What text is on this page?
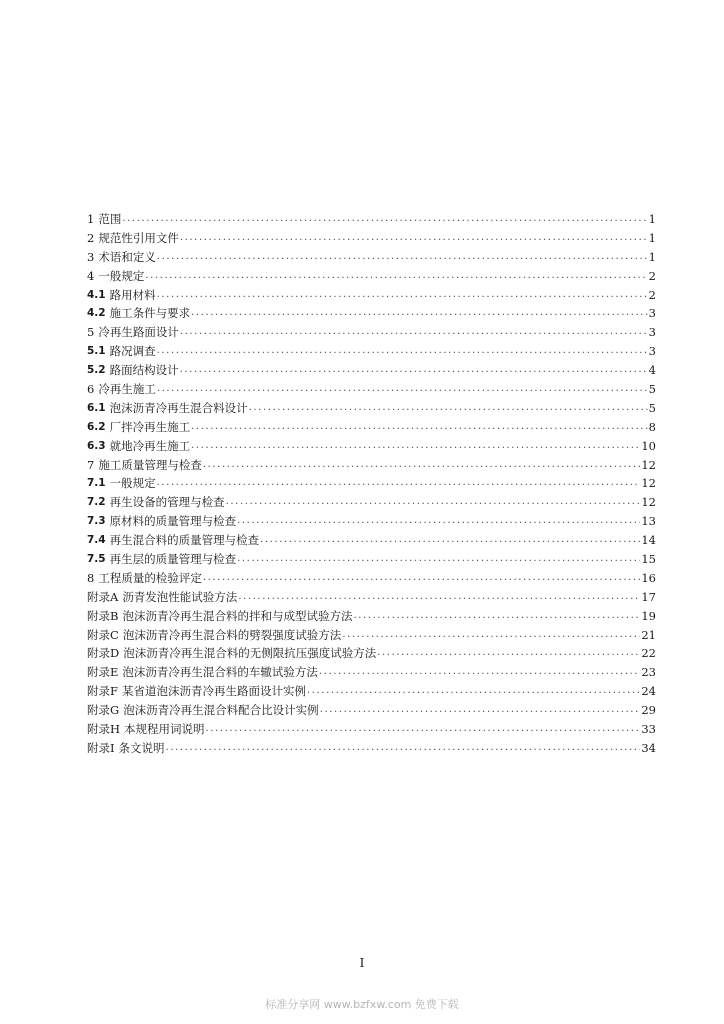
1 范围 .....	1
2 规范性引用文件 .....	1
3 术语和定义 .....	1
4 一般规定 .....	2
4.1 路用材料 .....	2
4.2 施工条件与要求 .....	3
5 冷再生路面设计 .....	3
5.1 路况调查 .....	3
5.2 路面结构设计 .....	4
6 冷再生施工 .....	5
6.1 泡沫沥青冷再生混合料设计 .....	5
6.2 厂拌冷再生施工 .....	8
6.3 就地冷再生施工 .....	10
7 施工质量管理与检查 .....	12
7.1 一般规定 .....	12
7.2 再生设备的管理与检查 .....	12
7.3 原材料的质量管理与检查 .....	13
7.4 再生混合料的质量管理与检查 .....	14
7.5 再生层的质量管理与检查 .....	15
8 工程质量的检验评定 .....	16
附录A 沥青发泡性能试验方法 .....	17
附录B 泡沫沥青冷再生混合料的拌和与成型试验方法 .....	19
附录C 泡沫沥青冷再生混合料的劈裂强度试验方法 .....	21
附录D 泡沫沥青冷再生混合料的无侧限抗压强度试验方法 .....	22
附录E 泡沫沥青冷再生混合料的车辙试验方法 .....	23
附录F 某省道泡沫沥青冷再生路面设计实例 .....	24
附录G 泡沫沥青冷再生混合料配合比设计实例 .....	29
附录H 本规程用词说明 .....	33
附录I 条文说明 .....	34
I
标准分享网 www.bzfxw.com 免费下载
